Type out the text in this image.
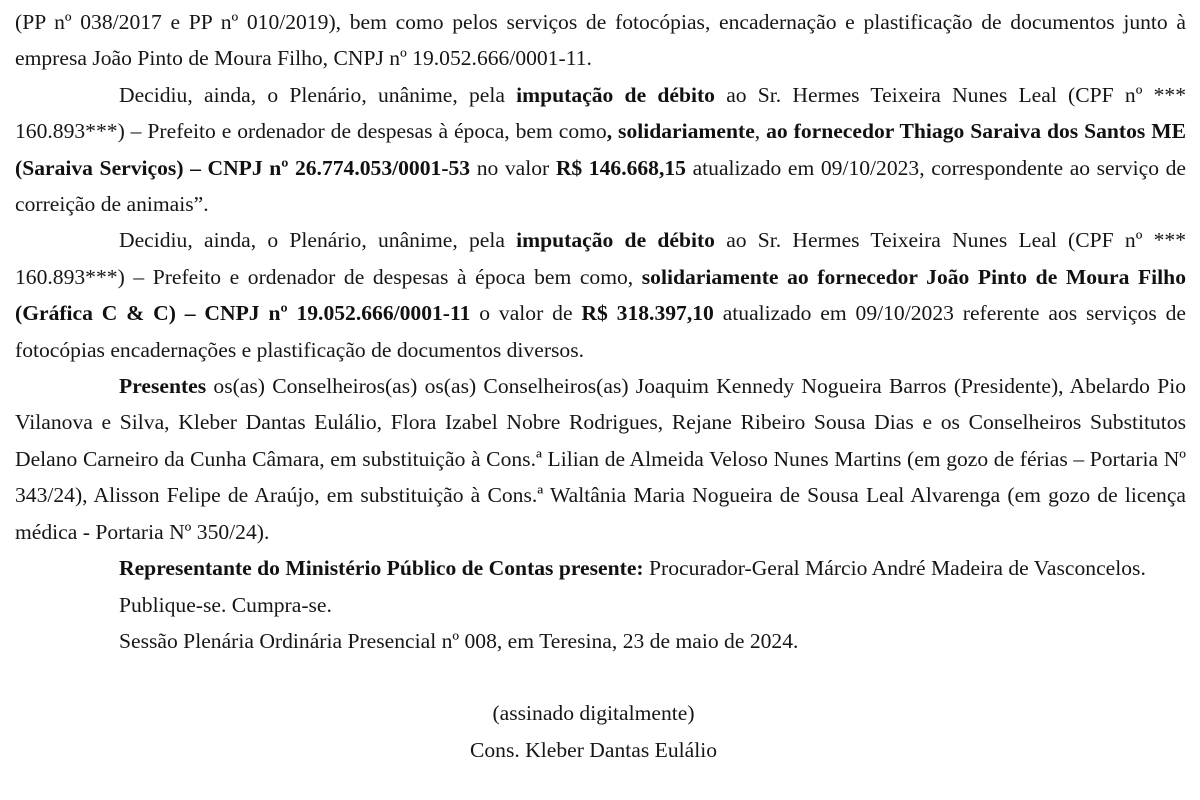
(PP nº 038/2017 e PP nº 010/2019), bem como pelos serviços de fotocópias, encadernação e plastificação de documentos junto à empresa João Pinto de Moura Filho, CNPJ nº 19.052.666/0001-11.

Decidiu, ainda, o Plenário, unânime, pela imputação de débito ao Sr. Hermes Teixeira Nunes Leal (CPF nº *** 160.893***) – Prefeito e ordenador de despesas à época, bem como, solidariamente, ao fornecedor Thiago Saraiva dos Santos ME (Saraiva Serviços) – CNPJ nº 26.774.053/0001-53 no valor R$ 146.668,15 atualizado em 09/10/2023, correspondente ao serviço de correição de animais”.

Decidiu, ainda, o Plenário, unânime, pela imputação de débito ao Sr. Hermes Teixeira Nunes Leal (CPF nº *** 160.893***) – Prefeito e ordenador de despesas à época bem como, solidariamente ao fornecedor João Pinto de Moura Filho (Gráfica C & C) – CNPJ nº 19.052.666/0001-11 o valor de R$ 318.397,10 atualizado em 09/10/2023 referente aos serviços de fotocópias encadernações e plastificação de documentos diversos.

Presentes os(as) Conselheiros(as) os(as) Conselheiros(as) Joaquim Kennedy Nogueira Barros (Presidente), Abelardo Pio Vilanova e Silva, Kleber Dantas Eulálio, Flora Izabel Nobre Rodrigues, Rejane Ribeiro Sousa Dias e os Conselheiros Substitutos Delano Carneiro da Cunha Câmara, em substituição à Cons.ª Lilian de Almeida Veloso Nunes Martins (em gozo de férias – Portaria Nº 343/24), Alisson Felipe de Araújo, em substituição à Cons.ª Waltânia Maria Nogueira de Sousa Leal Alvarenga (em gozo de licença médica - Portaria Nº 350/24).

Representante do Ministério Público de Contas presente: Procurador-Geral Márcio André Madeira de Vasconcelos.

Publique-se. Cumpra-se.

Sessão Plenária Ordinária Presencial nº 008, em Teresina, 23 de maio de 2024.

(assinado digitalmente)

Cons. Kleber Dantas Eulálio
